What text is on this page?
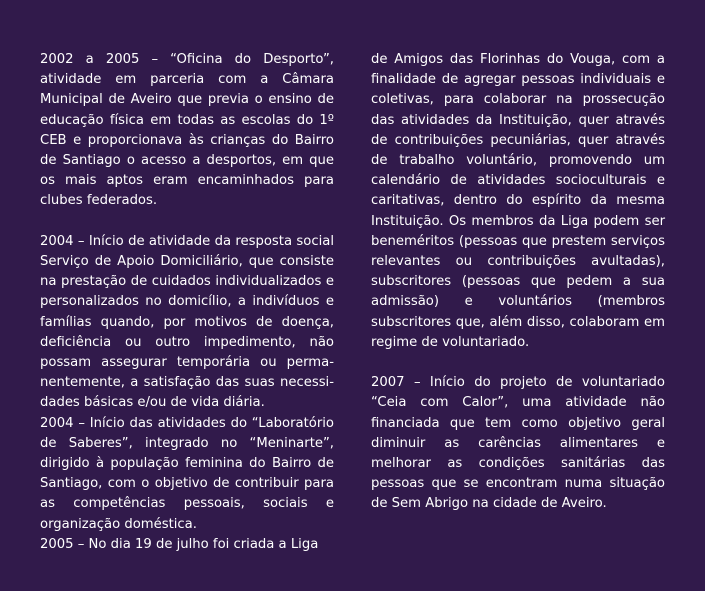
2002 a 2005 – “Oficina do Desporto”, atividade em parceria com a Câmara Municipal de Aveiro que previa o ensino de educação física em todas as escolas do 1º CEB e proporcionava às crianças do Bairro de Santiago o acesso a desportos, em que os mais aptos eram encaminhados para clubes federados.

2004 – Início de atividade da resposta social Serviço de Apoio Domiciliário, que consiste na prestação de cuidados individualizados e personalizados no domicílio, a indivíduos e famílias quando, por motivos de doença, deficiência ou outro impedimento, não possam assegurar temporária ou permanentemente, a satisfação das suas necessidades básicas e/ou de vida diária.

2004 – Início das atividades do “Laboratório de Saberes”, integrado no “Meninarte”, dirigido à população feminina do Bairro de Santiago, com o objetivo de contribuir para as competências pessoais, sociais e organização doméstica.

2005 – No dia 19 de julho foi criada a Liga

de Amigos das Florinhas do Vouga, com a finalidade de agregar pessoas individuais e coletivas, para colaborar na prossecução das atividades da Instituição, quer através de contribuições pecuniárias, quer através de trabalho voluntário, promovendo um calendário de atividades socioculturais e caritativas, dentro do espírito da mesma Instituição. Os membros da Liga podem ser beneméritos (pessoas que prestem serviços relevantes ou contribuições avultadas), subscritores (pessoas que pedem a sua admissão) e voluntários (membros subscritores que, além disso, colaboram em regime de voluntariado.

2007 – Início do projeto de voluntariado “Ceia com Calor”, uma atividade não financiada que tem como objetivo geral diminuir as carências alimentares e melhorar as condições sanitárias das pessoas que se encontram numa situação de Sem Abrigo na cidade de Aveiro.
